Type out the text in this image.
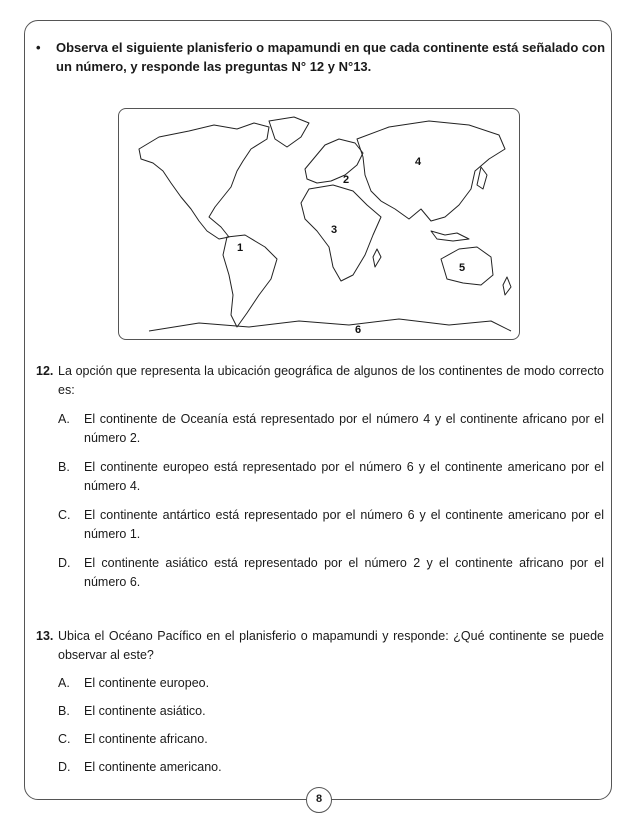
• Observa el siguiente planisferio o mapamundi en que cada continente está señalado con un número, y responde las preguntas N° 12 y N°13.
1
2
3
4
5
6
12. La opción que representa la ubicación geográfica de algunos de los continentes de modo correcto es:
A. El continente de Oceanía está representado por el número 4 y el continente africano por el número 2.
B. El continente europeo está representado por el número 6 y el continente americano por el número 4.
C. El continente antártico está representado por el número 6 y el continente americano por el número 1.
D. El continente asiático está representado por el número 2 y el continente africano por el número 6.
13. Ubica el Océano Pacífico en el planisferio o mapamundi y responde: ¿Qué continente se puede observar al este?
A. El continente europeo.
B. El continente asiático.
C. El continente africano.
D. El continente americano.
8
